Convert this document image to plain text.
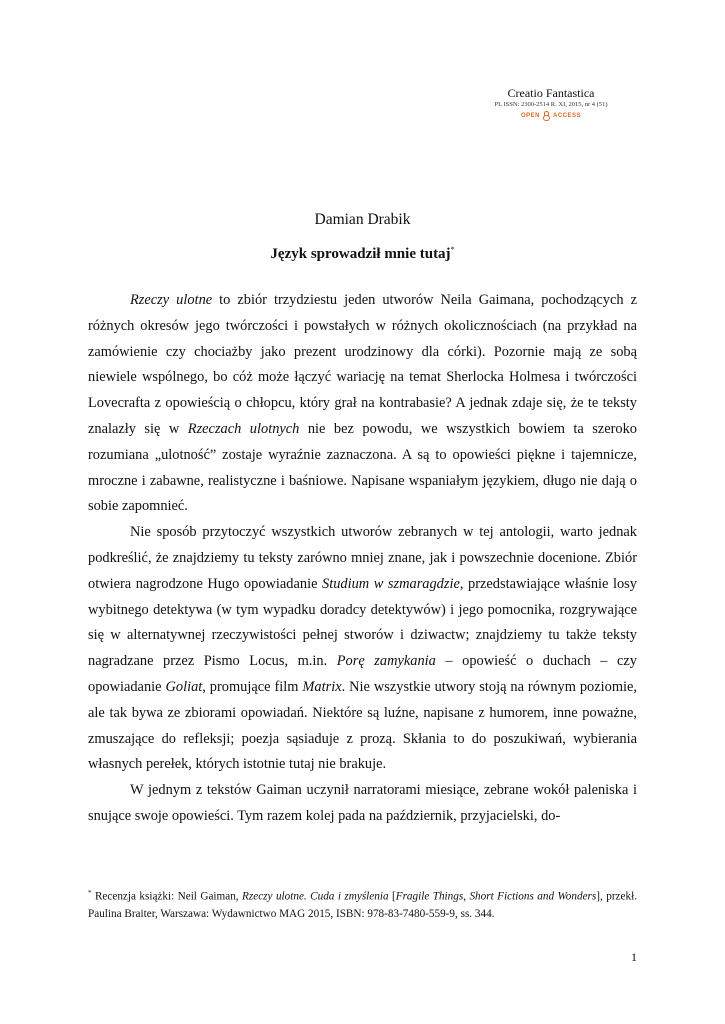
Creatio Fantastica
PL ISSN: 2300-2514 R. XI, 2015, nr 4 (51)
OPEN ACCESS
Damian Drabik
Język sprowadził mnie tutaj*

Rzeczy ulotne to zbiór trzydziestu jeden utworów Neila Gaimana, pochodzących z różnych okresów jego twórczości i powstałych w różnych okolicznościach (na przykład na zamówienie czy chociażby jako prezent urodzinowy dla córki). Pozornie mają ze sobą niewiele wspólnego, bo cóż może łączyć wariację na temat Sherlocka Holmesa i twórczości Lovecrafta z opowieścią o chłopcu, który grał na kontrabasie? A jednak zdaje się, że te teksty znalazły się w Rzeczach ulotnych nie bez powodu, we wszystkich bowiem ta szeroko rozumiana „ulotność” zostaje wyraźnie zaznaczona. A są to opowieści piękne i tajemnicze, mroczne i zabawne, realistyczne i baśniowe. Napisane wspaniałym językiem, długo nie dają o sobie zapomnieć.

Nie sposób przytoczyć wszystkich utworów zebranych w tej antologii, warto jednak podkreślić, że znajdziemy tu teksty zarówno mniej znane, jak i powszechnie docenione. Zbiór otwiera nagrodzone Hugo opowiadanie Studium w szmaragdzie, przedstawiające właśnie losy wybitnego detektywa (w tym wypadku doradcy detektywów) i jego pomocnika, rozgrywające się w alternatywnej rzeczywistości pełnej stworów i dziwactw; znajdziemy tu także teksty nagradzane przez Pismo Locus, m.in. Porę zamykania – opowieść o duchach – czy opowiadanie Goliat, promujące film Matrix. Nie wszystkie utwory stoją na równym poziomie, ale tak bywa ze zbiorami opowiadań. Niektóre są luźne, napisane z humorem, inne poważne, zmuszające do refleksji; poezja sąsiaduje z prozą. Skłania to do poszukiwań, wybierania własnych perełek, których istotnie tutaj nie brakuje.

W jednym z tekstów Gaiman uczynił narratorami miesiące, zebrane wokół paleniska i snujące swoje opowieści. Tym razem kolej pada na październik, przyjacielski, do-

* Recenzja książki: Neil Gaiman, Rzeczy ulotne. Cuda i zmyślenia [Fragile Things, Short Fictions and Wonders], przekł. Paulina Braiter, Warszawa: Wydawnictwo MAG 2015, ISBN: 978-83-7480-559-9, ss. 344.
1
